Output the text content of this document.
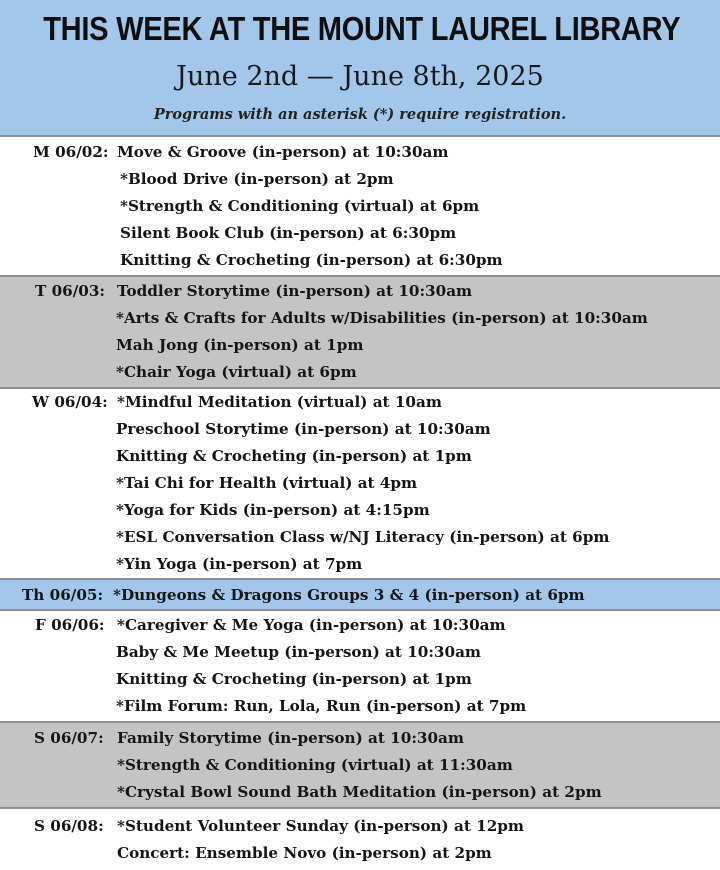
THIS WEEK AT THE MOUNT LAUREL LIBRARY
June 2nd — June 8th, 2025
Programs with an asterisk (*) require registration.
M 06/02: Move & Groove (in-person) at 10:30am
*Blood Drive (in-person) at 2pm
*Strength & Conditioning (virtual) at 6pm
Silent Book Club (in-person) at 6:30pm
Knitting & Crocheting (in-person) at 6:30pm
T 06/03: Toddler Storytime (in-person) at 10:30am
*Arts & Crafts for Adults w/Disabilities (in-person) at 10:30am
Mah Jong (in-person) at 1pm
*Chair Yoga (virtual) at 6pm
W 06/04: *Mindful Meditation (virtual) at 10am
Preschool Storytime (in-person) at 10:30am
Knitting & Crocheting (in-person) at 1pm
*Tai Chi for Health (virtual) at 4pm
*Yoga for Kids (in-person) at 4:15pm
*ESL Conversation Class w/NJ Literacy (in-person) at 6pm
*Yin Yoga (in-person) at 7pm
Th 06/05: *Dungeons & Dragons Groups 3 & 4 (in-person) at 6pm
F 06/06: *Caregiver & Me Yoga (in-person) at 10:30am
Baby & Me Meetup (in-person) at 10:30am
Knitting & Crocheting (in-person) at 1pm
*Film Forum: Run, Lola, Run (in-person) at 7pm
S 06/07: Family Storytime (in-person) at 10:30am
*Strength & Conditioning (virtual) at 11:30am
*Crystal Bowl Sound Bath Meditation (in-person) at 2pm
S 06/08: *Student Volunteer Sunday (in-person) at 12pm
Concert: Ensemble Novo (in-person) at 2pm
